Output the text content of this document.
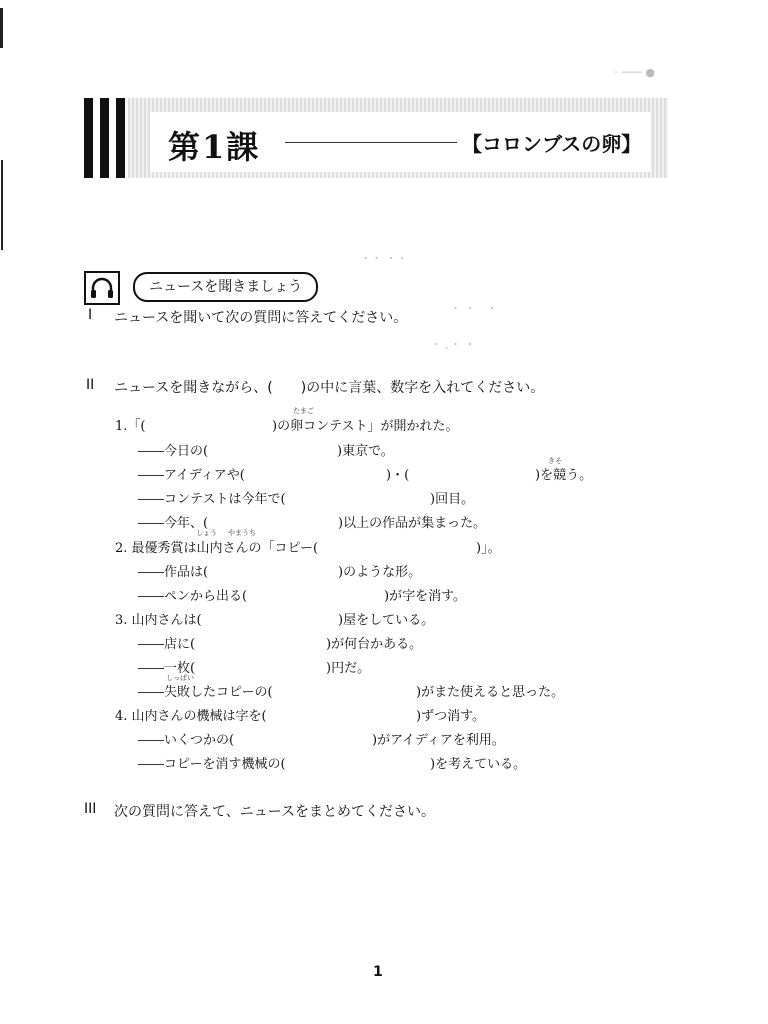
第1課	【コロンブスの卵】
◦ ─── ●
・・ ・・
・ ・　・
・ 、・ ・
ニュースを聞きましょう
I ニュースを聞いて次の質問に答えてください。
II ニュースを聞きながら、(　　)の中に言葉、数字を入れてください。
たまご
1.「(	)の卵コンテスト」が開かれた。
――今日の(	)東京で。
――アイディアや(	)・(
きそ
)を競う。
――コンテストは今年で(	)回目。
――今年、(	)以上の作品が集まった。
しょう やまうち
2. 最優秀賞は山内さんの「コピー(	)」。
――作品は(	)のような形。
――ペンから出る(	)が字を消す。
3. 山内さんは(	)屋をしている。
――店に(	)が何台かある。
――一枚(	)円だ。
しっぱい
――失敗したコピーの(	)がまた使えると思った。
4. 山内さんの機械は字を(	)ずつ消す。
――いくつかの(	)がアイディアを利用。
――コピーを消す機械の(	)を考えている。
III 次の質問に答えて、ニュースをまとめてください。
1
